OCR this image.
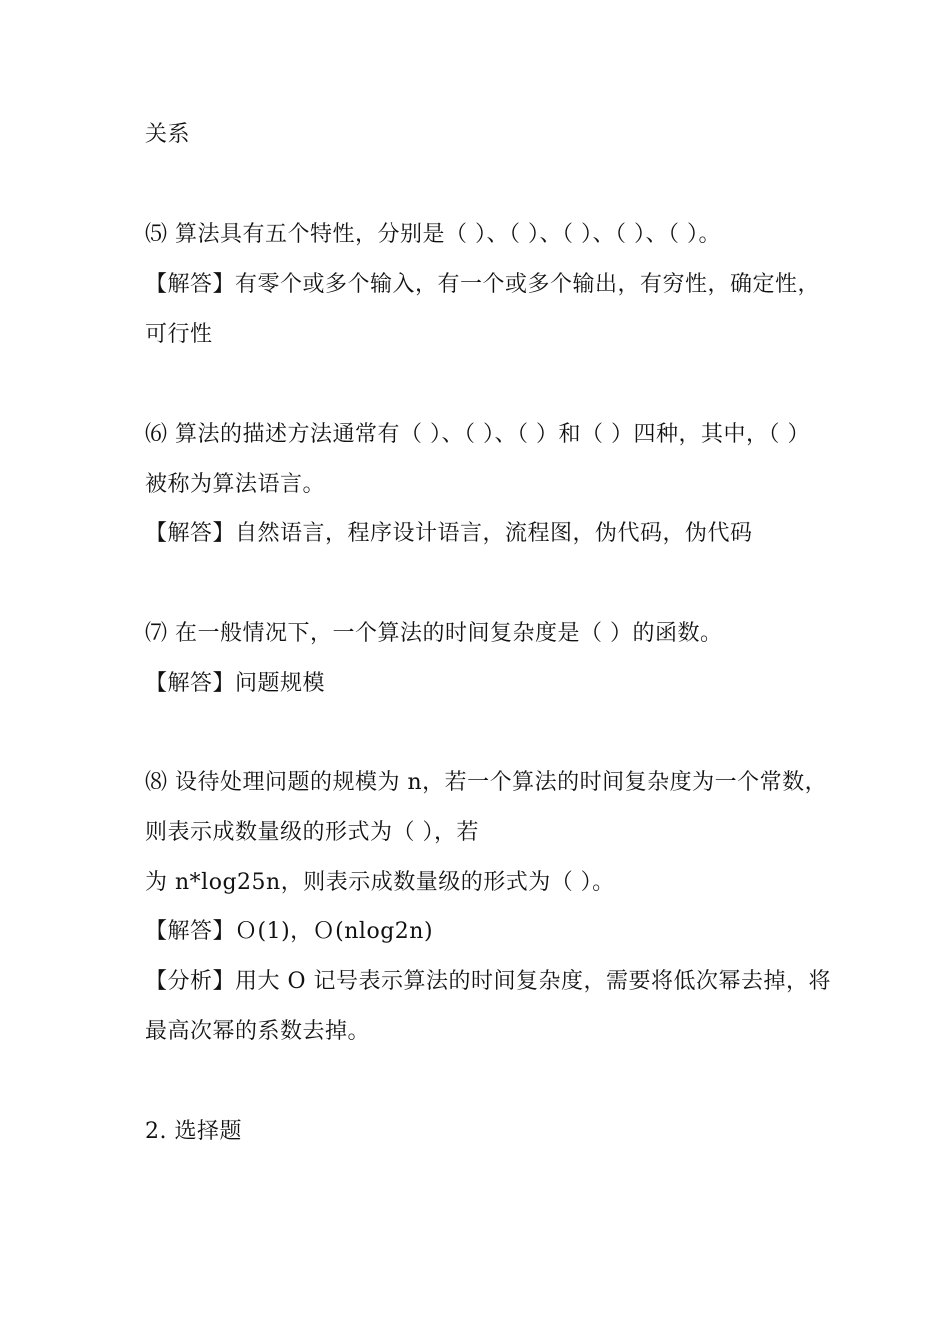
关系
⑸ 算法具有五个特性，分别是（ ）、（ ）、（ ）、（ ）、（ ）。
【解答】有零个或多个输入，有一个或多个输出，有穷性，确定性，
可行性
⑹ 算法的描述方法通常有（ ）、（ ）、（ ）和（ ）四种，其中，（ ）
被称为算法语言。
【解答】自然语言，程序设计语言，流程图，伪代码，伪代码
⑺ 在一般情况下，一个算法的时间复杂度是（ ）的函数。
【解答】问题规模
⑻ 设待处理问题的规模为 n，若一个算法的时间复杂度为一个常数，
则表示成数量级的形式为（ ），若
为 n*log25n，则表示成数量级的形式为（ ）。
【解答】Ｏ(1)，Ｏ(nlog2n)
【分析】用大 O 记号表示算法的时间复杂度，需要将低次幂去掉，将
最高次幂的系数去掉。
2. 选择题
